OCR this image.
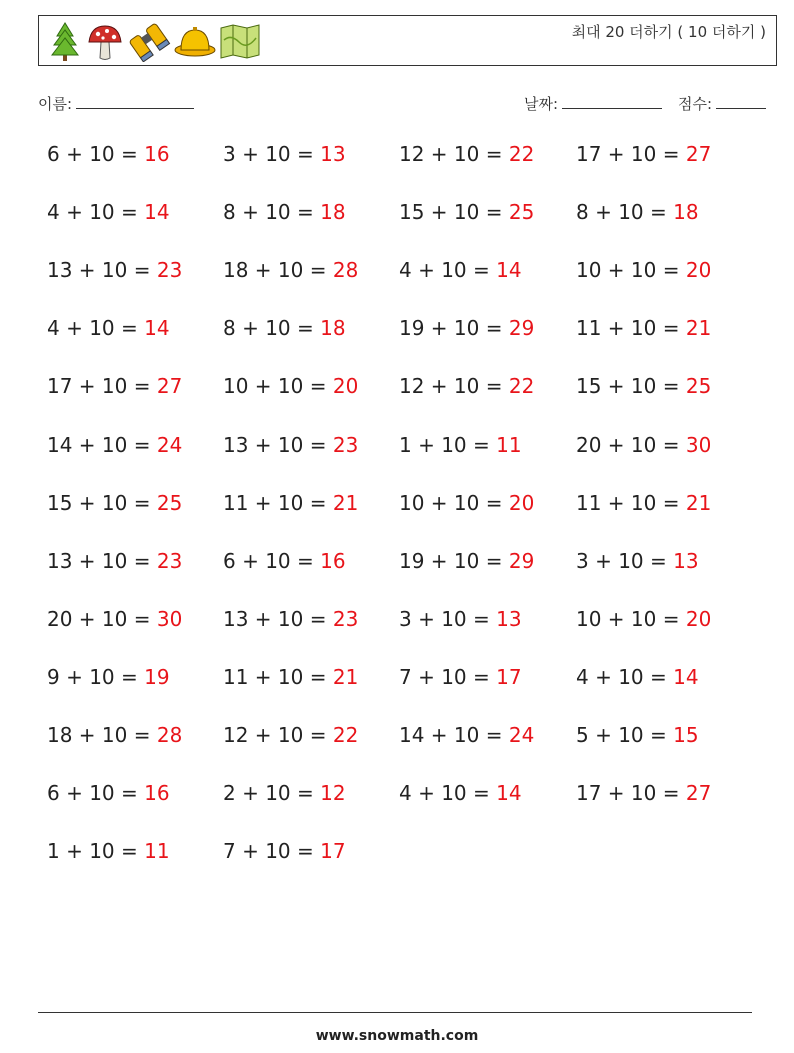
최대 20 더하기 ( 10 더하기 )
이름:	날짜:	점수:
6 + 10 = 16	3 + 10 = 13	12 + 10 = 22 17 + 10 = 27
4 + 10 = 14	8 + 10 = 18	15 + 10 = 25 8 + 10 = 18
13 + 10 = 23 18 + 10 = 28 4 + 10 = 14	10 + 10 = 20
4 + 10 = 14	8 + 10 = 18	19 + 10 = 29 11 + 10 = 21
17 + 10 = 27 10 + 10 = 20 12 + 10 = 22 15 + 10 = 25
14 + 10 = 24 13 + 10 = 23 1 + 10 = 11	20 + 10 = 30
15 + 10 = 25 11 + 10 = 21 10 + 10 = 20 11 + 10 = 21
13 + 10 = 23 6 + 10 = 16	19 + 10 = 29 3 + 10 = 13
20 + 10 = 30 13 + 10 = 23 3 + 10 = 13	10 + 10 = 20
9 + 10 = 19	11 + 10 = 21 7 + 10 = 17	4 + 10 = 14
18 + 10 = 28 12 + 10 = 22 14 + 10 = 24 5 + 10 = 15
6 + 10 = 16	2 + 10 = 12	4 + 10 = 14	17 + 10 = 27
1 + 10 = 11	7 + 10 = 17
www.snowmath.com
